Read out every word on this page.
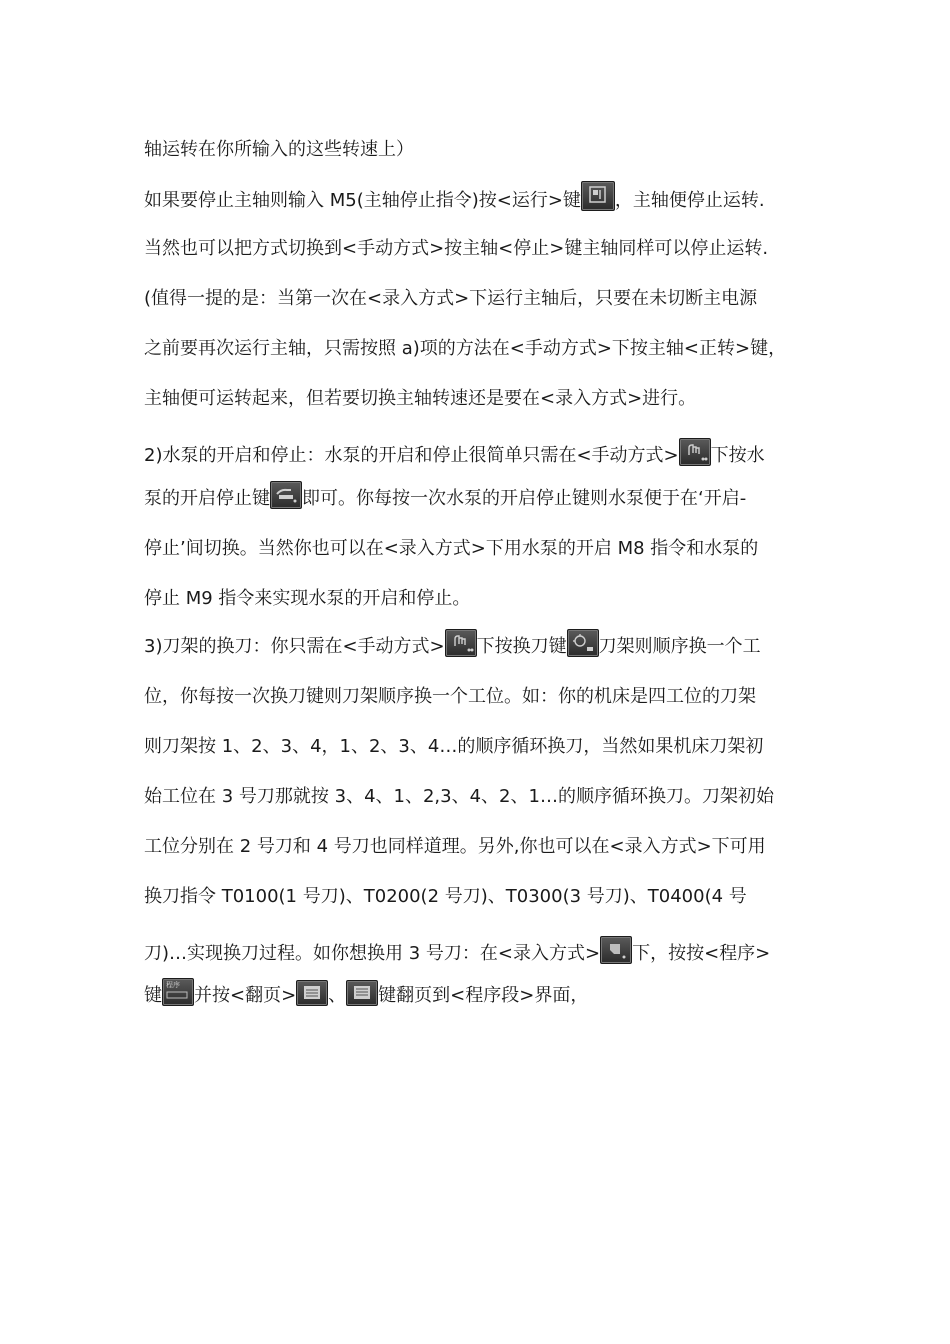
轴运转在你所输入的这些转速上）
如果要停止主轴则输入 M5(主轴停止指令)按<运行>键 ，主轴便停止运转.
当然也可以把方式切换到<手动方式>按主轴<停止>键主轴同样可以停止运转.
(值得一提的是：当第一次在<录入方式>下运行主轴后，只要在未切断主电源
之前要再次运行主轴，只需按照 a)项的方法在<手动方式>下按主轴<正转>键，
主轴便可运转起来，但若要切换主轴转速还是要在<录入方式>进行。
2)水泵的开启和停止：水泵的开启和停止很简单只需在<手动方式> 下按水
泵的开启停止键 即可。你每按一次水泵的开启停止键则水泵便于在‘开启-
停止’间切换。当然你也可以在<录入方式>下用水泵的开启 M8 指令和水泵的
停止 M9 指令来实现水泵的开启和停止。
3)刀架的换刀：你只需在<手动方式> 下按换刀键 刀架则顺序换一个工
位，你每按一次换刀键则刀架顺序换一个工位。如：你的机床是四工位的刀架
则刀架按 1、2、3、4，1、2、3、4…的顺序循环换刀，当然如果机床刀架初
始工位在 3 号刀那就按 3、4、1、2,3、4、2、1…的顺序循环换刀。刀架初始
工位分别在 2 号刀和 4 号刀也同样道理。另外,你也可以在<录入方式>下可用
换刀指令 T0100(1 号刀)、T0200(2 号刀)、T0300(3 号刀)、T0400(4 号
刀)…实现换刀过程。如你想换用 3 号刀：在<录入方式> 下，按按<程序>
键 程序 并按<翻页> 、 键翻页到<程序段>界面，
